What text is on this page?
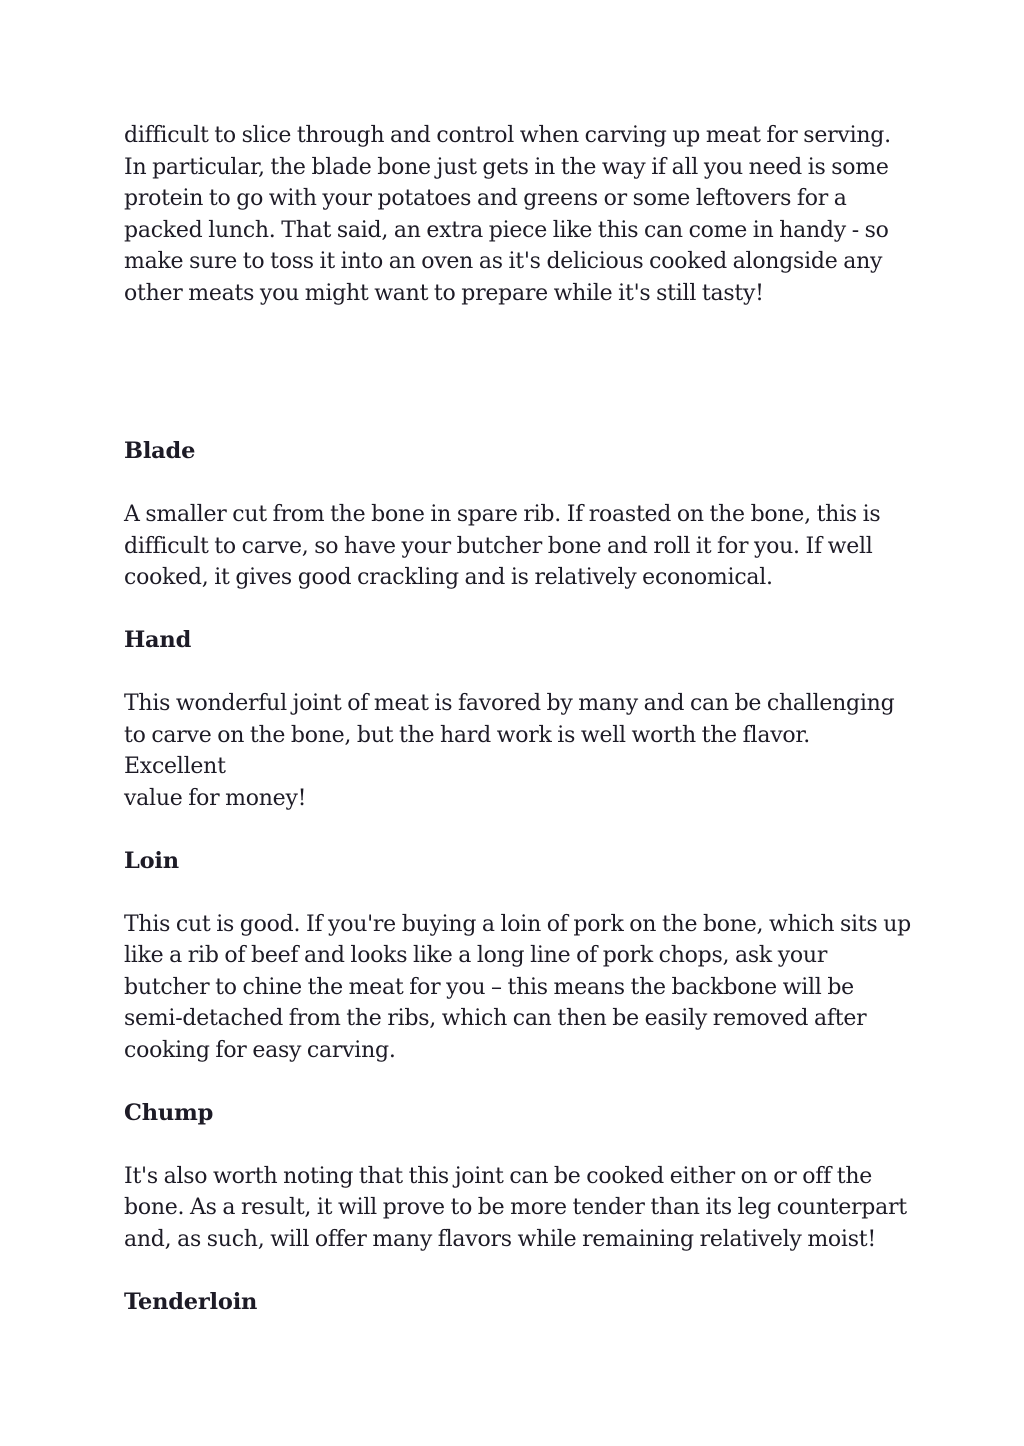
difficult to slice through and control when carving up meat for serving.
In particular, the blade bone just gets in the way if all you need is some
protein to go with your potatoes and greens or some leftovers for a
packed lunch. That said, an extra piece like this can come in handy - so
make sure to toss it into an oven as it's delicious cooked alongside any
other meats you might want to prepare while it's still tasty!

Blade

A smaller cut from the bone in spare rib. If roasted on the bone, this is
difficult to carve, so have your butcher bone and roll it for you. If well
cooked, it gives good crackling and is relatively economical.

Hand

This wonderful joint of meat is favored by many and can be challenging
to carve on the bone, but the hard work is well worth the flavor. Excellent
value for money!

Loin

This cut is good. If you're buying a loin of pork on the bone, which sits up
like a rib of beef and looks like a long line of pork chops, ask your
butcher to chine the meat for you – this means the backbone will be
semi-detached from the ribs, which can then be easily removed after
cooking for easy carving.

Chump

It's also worth noting that this joint can be cooked either on or off the
bone. As a result, it will prove to be more tender than its leg counterpart
and, as such, will offer many flavors while remaining relatively moist!

Tenderloin
